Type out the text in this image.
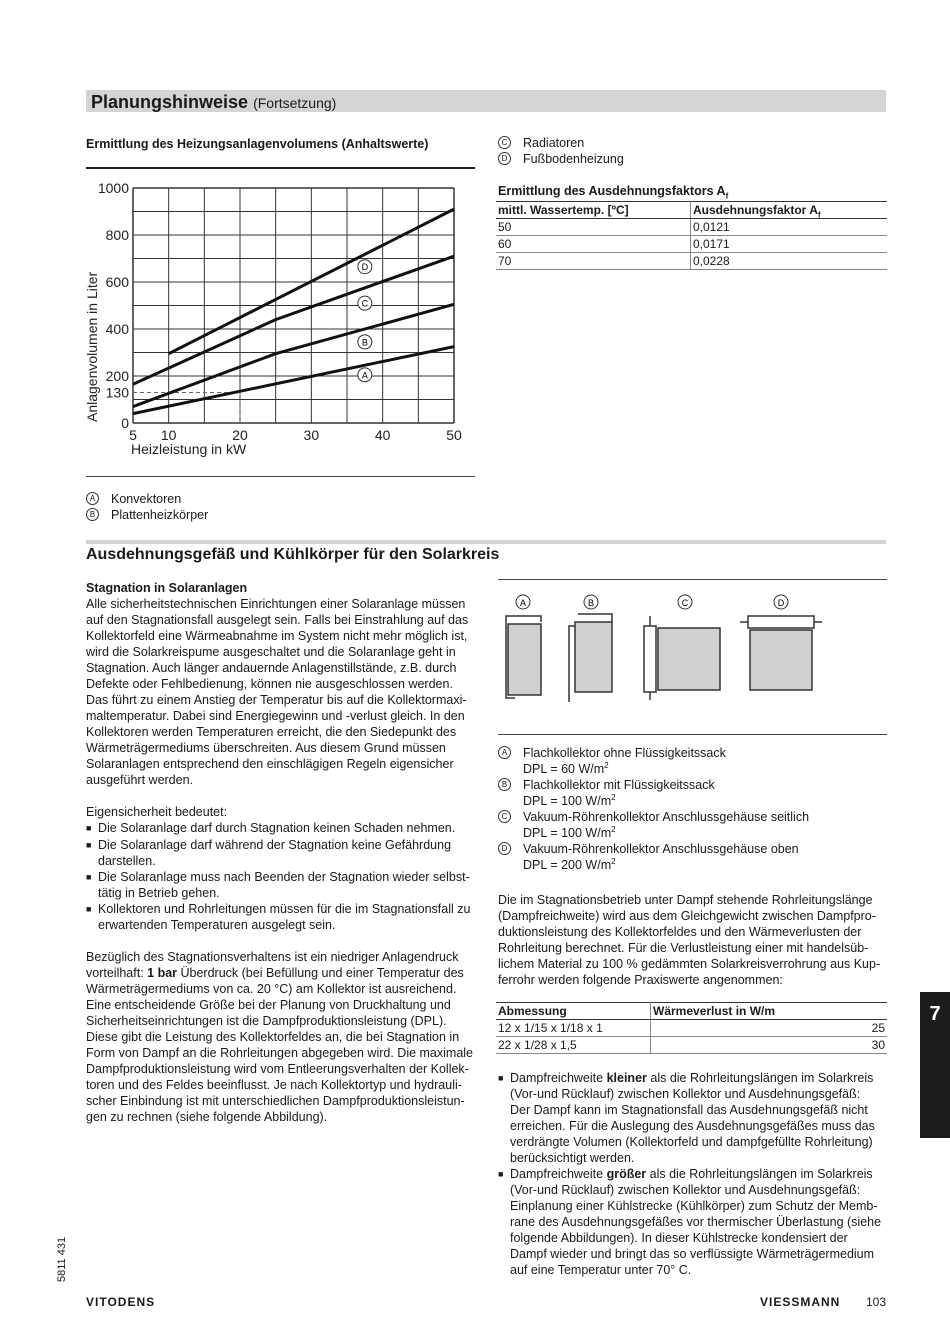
Planungshinweise (Fortsetzung)
Ermittlung des Heizungsanlagenvolumens (Anhaltswerte)
5 10	20	30	40	50
0
130
200
400
600
800
1000
A
B
C
D
Anlagenvolumen in Liter
Heizleistung in kW
A Konvektoren
B Plattenheizkörper
C Radiatoren
D Fußbodenheizung
Ermittlung des Ausdehnungsfaktors $A_f$
mittl. Wassertemp. [ºC]	Ausdehnungsfaktor $A_f$
50	0,0121
60	0,0171
70	0,0228
Ausdehnungsgefäß und Kühlkörper für den Solarkreis

Stagnation in Solaranlagen

Alle sicherheitstechnischen Einrichtungen einer Solaranlage müssen

auf den Stagnationsfall ausgelegt sein. Falls bei Einstrahlung auf das

Kollektorfeld eine Wärmeabnahme im System nicht mehr möglich ist,

wird die Solarkreispume ausgeschaltet und die Solaranlage geht in

Stagnation. Auch länger andauernde Anlagenstillstände, z.B. durch

Defekte oder Fehlbedienung, können nie ausgeschlossen werden.

Das führt zu einem Anstieg der Temperatur bis auf die Kollektormaxi-

maltemperatur. Dabei sind Energiegewinn und -verlust gleich. In den

Kollektoren werden Temperaturen erreicht, die den Siedepunkt des

Wärmeträgermediums überschreiten. Aus diesem Grund müssen

Solaranlagen entsprechend den einschlägigen Regeln eigensicher

ausgeführt werden.

Eigensicherheit bedeutet:

■

Die Solaranlage darf durch Stagnation keinen Schaden nehmen.

■

Die Solaranlage darf während der Stagnation keine Gefährdung

darstellen.

■

Die Solaranlage muss nach Beenden der Stagnation wieder selbst-

tätig in Betrieb gehen.

■

Kollektoren und Rohrleitungen müssen für die im Stagnationsfall zu

erwartenden Temperaturen ausgelegt sein.

Bezüglich des Stagnationsverhaltens ist ein niedriger Anlagendruck

vorteilhaft: 1 bar Überdruck (bei Befüllung und einer Temperatur des

Wärmeträgermediums von ca. 20 °C) am Kollektor ist ausreichend.

Eine entscheidende Größe bei der Planung von Druckhaltung und

Sicherheitseinrichtungen ist die Dampfproduktionsleistung (DPL).

Diese gibt die Leistung des Kollektorfeldes an, die bei Stagnation in

Form von Dampf an die Rohrleitungen abgegeben wird. Die maximale

Dampfproduktionsleistung wird vom Entleerungsverhalten der Kollek-

toren und des Feldes beeinflusst. Je nach Kollektortyp und hydrauli-

scher Einbindung ist mit unterschiedlichen Dampfproduktionsleistun-

gen zu rechnen (siehe folgende Abbildung).

A	B	C	D
A Flachkollektor ohne Flüssigkeitssack
DPL = 60 $W/m^2$
B Flachkollektor mit Flüssigkeitssack
DPL = 100 $W/m^2$
C Vakuum-Röhrenkollektor Anschlussgehäuse seitlich
DPL = 100 $W/m^2$
D Vakuum-Röhrenkollektor Anschlussgehäuse oben
DPL = 200 $W/m^2$

Die im Stagnationsbetrieb unter Dampf stehende Rohrleitungslänge

(Dampfreichweite) wird aus dem Gleichgewicht zwischen Dampfpro-

duktionsleistung des Kollektorfeldes und den Wärmeverlusten der

Rohrleitung berechnet. Für die Verlustleistung einer mit handelsüb-

lichem Material zu 100 % gedämmten Solarkreisverrohrung aus Kup-

ferrohr werden folgende Praxiswerte angenommen:

Abmessung	Wärmeverlust in W/m
12 x 1/15 x 1/18 x 1	25
22 x 1/28 x 1,5	30
■

Dampfreichweite kleiner als die Rohrleitungslängen im Solarkreis

(Vor-und Rücklauf) zwischen Kollektor und Ausdehnungsgefäß:

Der Dampf kann im Stagnationsfall das Ausdehnungsgefäß nicht

erreichen. Für die Auslegung des Ausdehnungsgefäßes muss das

verdrängte Volumen (Kollektorfeld und dampfgefüllte Rohrleitung)

berücksichtigt werden.

■

Dampfreichweite größer als die Rohrleitungslängen im Solarkreis

(Vor-und Rücklauf) zwischen Kollektor und Ausdehnungsgefäß:

Einplanung einer Kühlstrecke (Kühlkörper) zum Schutz der Memb-

rane des Ausdehnungsgefäßes vor thermischer Überlastung (siehe

folgende Abbildungen). In dieser Kühlstrecke kondensiert der

Dampf wieder und bringt das so verflüssigte Wärmeträgermedium

auf eine Temperatur unter 70° C.

7
5811 431
VITODENS	VIESSMANN 103
